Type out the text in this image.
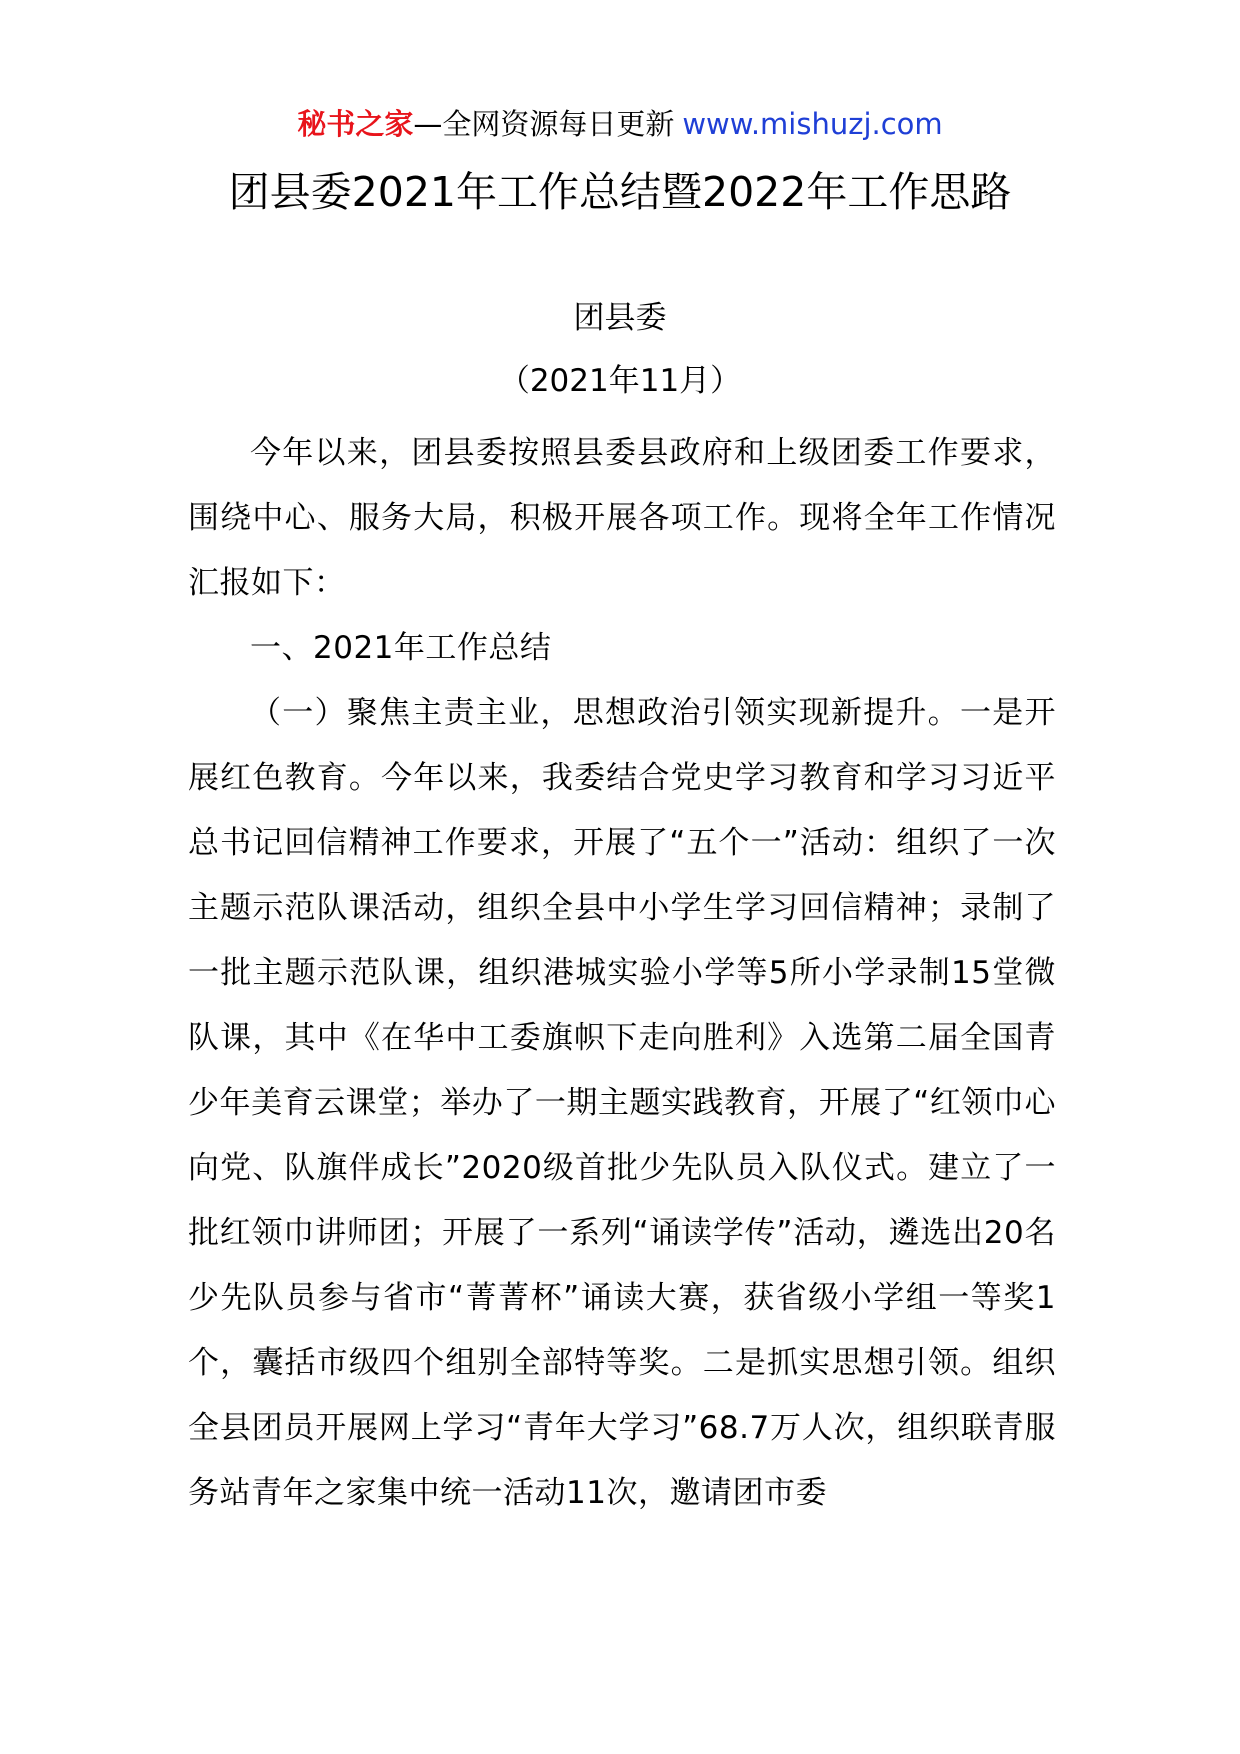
秘书之家—全网资源每日更新 www.mishuzj.com
团县委2021年工作总结暨2022年工作思路
团县委
（2021年11月）

今年以来，团县委按照县委县政府和上级团委工作要求，围绕中心、服务大局，积极开展各项工作。现将全年工作情况汇报如下：

一、2021年工作总结

（一）聚焦主责主业，思想政治引领实现新提升。一是开展红色教育。今年以来，我委结合党史学习教育和学习习近平总书记回信精神工作要求，开展了“五个一”活动：组织了一次主题示范队课活动，组织全县中小学生学习回信精神；录制了一批主题示范队课，组织港城实验小学等5所小学录制15堂微队课，其中《在华中工委旗帜下走向胜利》入选第二届全国青少年美育云课堂；举办了一期主题实践教育，开展了“红领巾心向党、队旗伴成长”2020级首批少先队员入队仪式。建立了一批红领巾讲师团；开展了一系列“诵读学传”活动，遴选出20名少先队员参与省市“菁菁杯”诵读大赛，获省级小学组一等奖1个，囊括市级四个组别全部特等奖。二是抓实思想引领。组织全县团员开展网上学习“青年大学习”68.7万人次，组织联青服务站青年之家集中统一活动11次，邀请团市委
